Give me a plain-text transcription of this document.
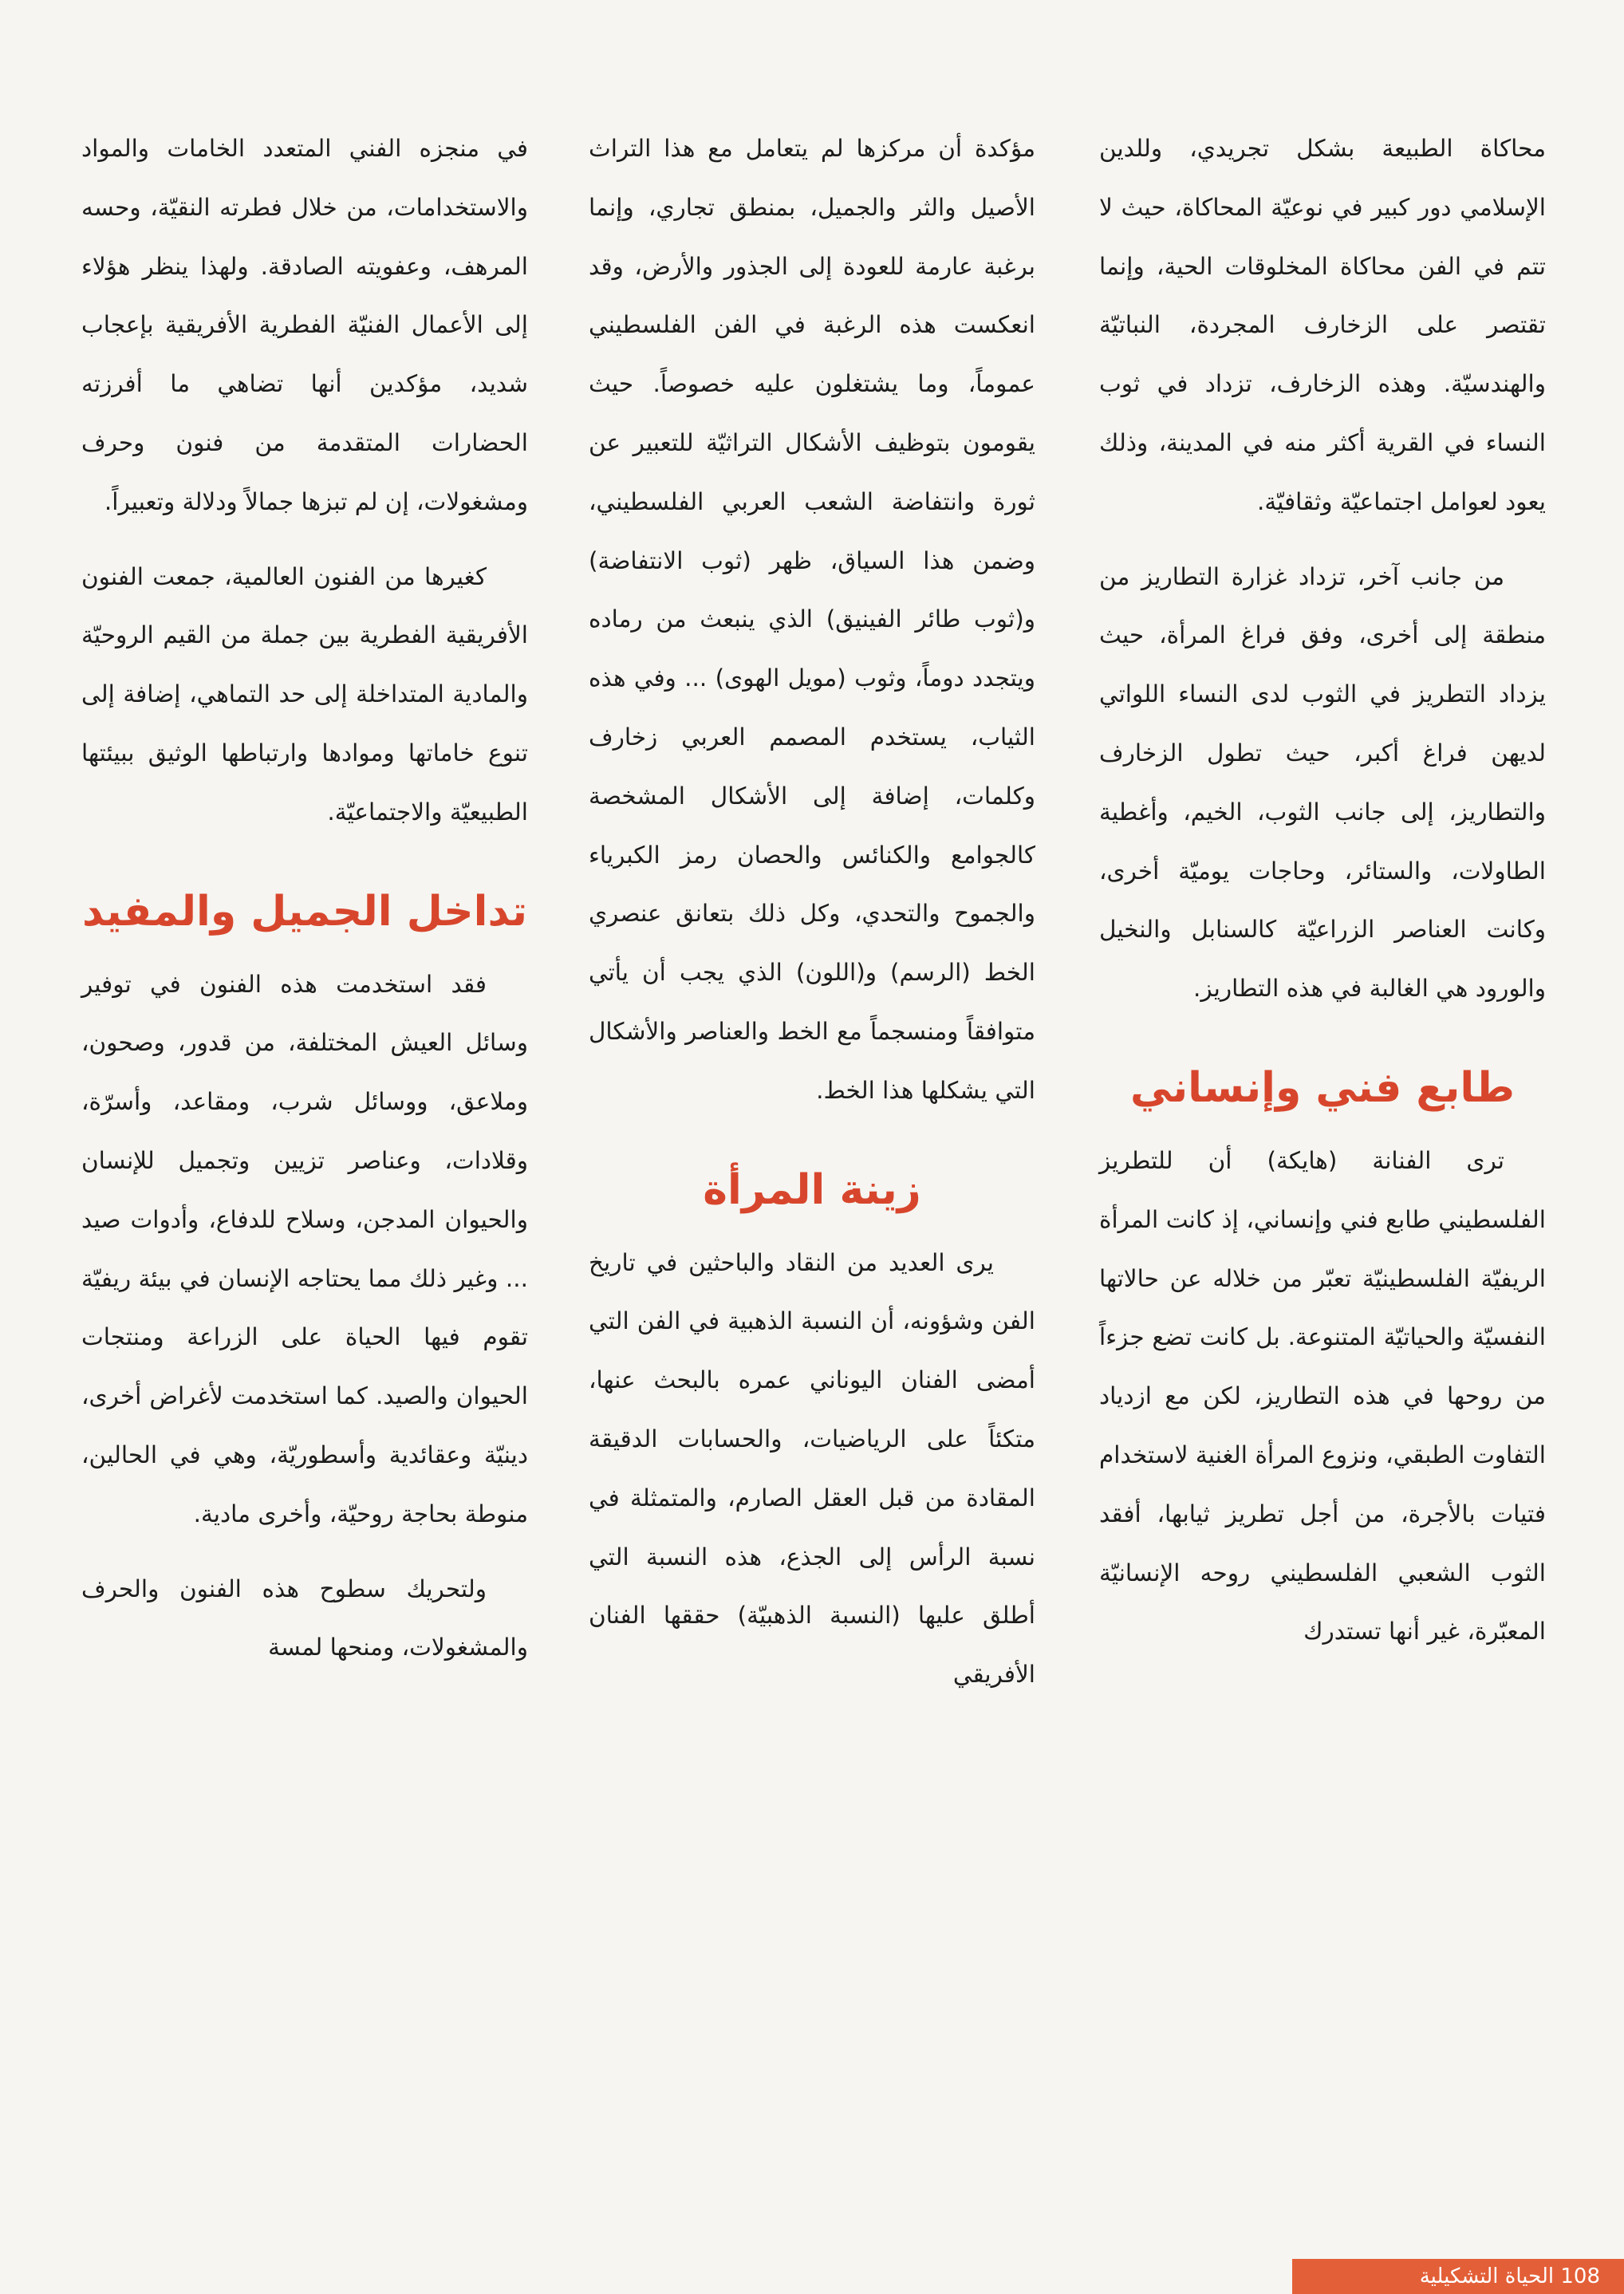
محاكاة الطبيعة بشكل تجريدي، وللدين الإسلامي دور كبير في نوعيّة المحاكاة، حيث لا تتم في الفن محاكاة المخلوقات الحية، وإنما تقتصر على الزخارف المجردة، النباتيّة والهندسيّة. وهذه الزخارف، تزداد في ثوب النساء في القرية أكثر منه في المدينة، وذلك يعود لعوامل اجتماعيّة وثقافيّة.

من جانب آخر، تزداد غزارة التطاريز من منطقة إلى أخرى، وفق فراغ المرأة، حيث يزداد التطريز في الثوب لدى النساء اللواتي لديهن فراغ أكبر، حيث تطول الزخارف والتطاريز، إلى جانب الثوب، الخيم، وأغطية الطاولات، والستائر، وحاجات يوميّة أخرى، وكانت العناصر الزراعيّة كالسنابل والنخيل والورود هي الغالبة في هذه التطاريز.

طابع فني وإنساني

ترى الفنانة (هايكة) أن للتطريز الفلسطيني طابع فني وإنساني، إذ كانت المرأة الريفيّة الفلسطينيّة تعبّر من خلاله عن حالاتها النفسيّة والحياتيّة المتنوعة. بل كانت تضع جزءاً من روحها في هذه التطاريز، لكن مع ازدياد التفاوت الطبقي، ونزوع المرأة الغنية لاستخدام فتيات بالأجرة، من أجل تطريز ثيابها، أفقد الثوب الشعبي الفلسطيني روحه الإنسانيّة المعبّرة، غير أنها تستدرك

مؤكدة أن مركزها لم يتعامل مع هذا التراث الأصيل والثر والجميل، بمنطق تجاري، وإنما برغبة عارمة للعودة إلى الجذور والأرض، وقد انعكست هذه الرغبة في الفن الفلسطيني عموماً، وما يشتغلون عليه خصوصاً. حيث يقومون بتوظيف الأشكال التراثيّة للتعبير عن ثورة وانتفاضة الشعب العربي الفلسطيني، وضمن هذا السياق، ظهر (ثوب الانتفاضة) و(ثوب طائر الفينيق) الذي ينبعث من رماده ويتجدد دوماً، وثوب (مويل الهوى) ... وفي هذه الثياب، يستخدم المصمم العربي زخارف وكلمات، إضافة إلى الأشكال المشخصة كالجوامع والكنائس والحصان رمز الكبرياء والجموح والتحدي، وكل ذلك بتعانق عنصري الخط (الرسم) و(اللون) الذي يجب أن يأتي متوافقاً ومنسجماً مع الخط والعناصر والأشكال التي يشكلها هذا الخط.

زينة المرأة

يرى العديد من النقاد والباحثين في تاريخ الفن وشؤونه، أن النسبة الذهبية في الفن التي أمضى الفنان اليوناني عمره بالبحث عنها، متكئاً على الرياضيات، والحسابات الدقيقة المقادة من قبل العقل الصارم، والمتمثلة في نسبة الرأس إلى الجذع، هذه النسبة التي أطلق عليها (النسبة الذهبيّة) حققها الفنان الأفريقي

في منجزه الفني المتعدد الخامات والمواد والاستخدامات، من خلال فطرته النقيّة، وحسه المرهف، وعفويته الصادقة. ولهذا ينظر هؤلاء إلى الأعمال الفنيّة الفطرية الأفريقية بإعجاب شديد، مؤكدين أنها تضاهي ما أفرزته الحضارات المتقدمة من فنون وحرف ومشغولات، إن لم تبزها جمالاً ودلالة وتعبيراً.

كغيرها من الفنون العالمية، جمعت الفنون الأفريقية الفطرية بين جملة من القيم الروحيّة والمادية المتداخلة إلى حد التماهي، إضافة إلى تنوع خاماتها وموادها وارتباطها الوثيق ببيئتها الطبيعيّة والاجتماعيّة.

تداخل الجميل والمفيد

فقد استخدمت هذه الفنون في توفير وسائل العيش المختلفة، من قدور، وصحون، وملاعق، ووسائل شرب، ومقاعد، وأسرّة، وقلادات، وعناصر تزيين وتجميل للإنسان والحيوان المدجن، وسلاح للدفاع، وأدوات صيد ... وغير ذلك مما يحتاجه الإنسان في بيئة ريفيّة تقوم فيها الحياة على الزراعة ومنتجات الحيوان والصيد. كما استخدمت لأغراض أخرى، دينيّة وعقائدية وأسطوريّة، وهي في الحالين، منوطة بحاجة روحيّة، وأخرى مادية.

ولتحريك سطوح هذه الفنون والحرف والمشغولات، ومنحها لمسة

108 الحياة التشكيلية
